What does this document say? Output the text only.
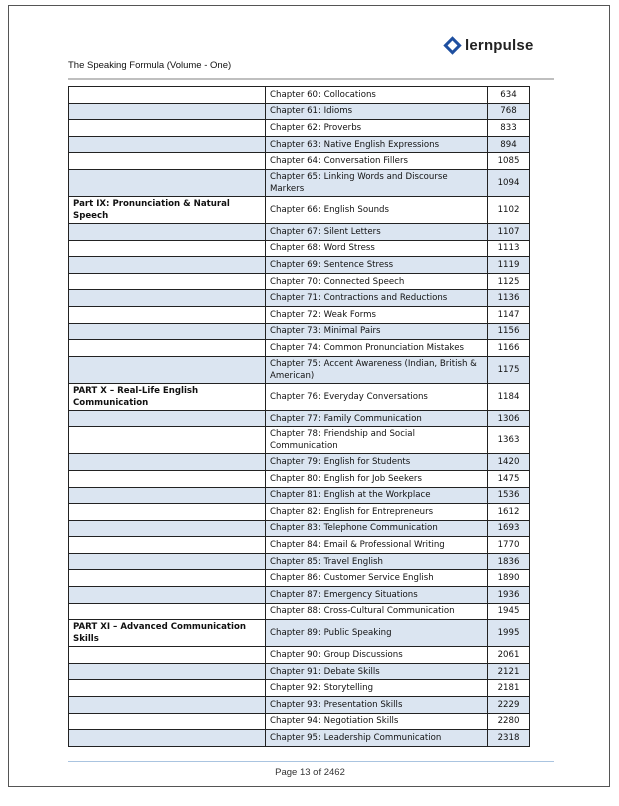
lernpulse
The Speaking Formula (Volume - One)
	Chapter 60: Collocations	634
	Chapter 61: Idioms	768
	Chapter 62: Proverbs	833
	Chapter 63: Native English Expressions	894
	Chapter 64: Conversation Fillers	1085
	Chapter 65: Linking Words and Discourse Markers	1094
Part IX: Pronunciation & Natural Speech	Chapter 66: English Sounds	1102
	Chapter 67: Silent Letters	1107
	Chapter 68: Word Stress	1113
	Chapter 69: Sentence Stress	1119
	Chapter 70: Connected Speech	1125
	Chapter 71: Contractions and Reductions	1136
	Chapter 72: Weak Forms	1147
	Chapter 73: Minimal Pairs	1156
	Chapter 74: Common Pronunciation Mistakes	1166
	Chapter 75: Accent Awareness (Indian, British & American)	1175
PART X – Real-Life English Communication	Chapter 76: Everyday Conversations	1184
	Chapter 77: Family Communication	1306
	Chapter 78: Friendship and Social Communication	1363
	Chapter 79: English for Students	1420
	Chapter 80: English for Job Seekers	1475
	Chapter 81: English at the Workplace	1536
	Chapter 82: English for Entrepreneurs	1612
	Chapter 83: Telephone Communication	1693
	Chapter 84: Email & Professional Writing	1770
	Chapter 85: Travel English	1836
	Chapter 86: Customer Service English	1890
	Chapter 87: Emergency Situations	1936
	Chapter 88: Cross-Cultural Communication	1945
PART XI – Advanced Communication Skills	Chapter 89: Public Speaking	1995
	Chapter 90: Group Discussions	2061
	Chapter 91: Debate Skills	2121
	Chapter 92: Storytelling	2181
	Chapter 93: Presentation Skills	2229
	Chapter 94: Negotiation Skills	2280
	Chapter 95: Leadership Communication	2318
Page 13 of 2462
